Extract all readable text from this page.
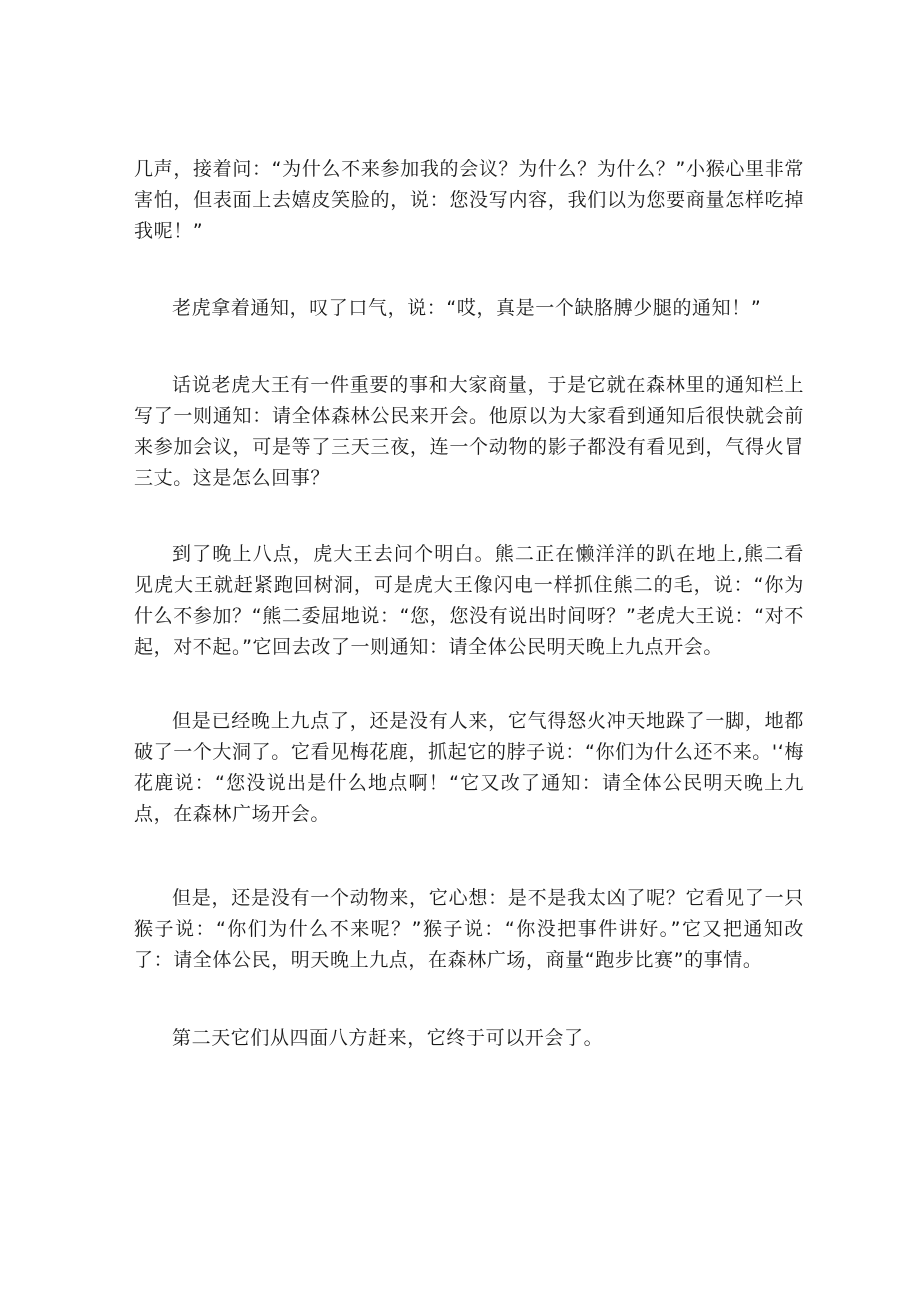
几声，接着问：“为什么不来参加我的会议？为什么？为什么？”小猴心里非常害怕，但表面上去嬉皮笑脸的，说：您没写内容，我们以为您要商量怎样吃掉我呢！”

老虎拿着通知，叹了口气，说：“哎，真是一个缺胳膊少腿的通知！”

话说老虎大王有一件重要的事和大家商量，于是它就在森林里的通知栏上写了一则通知：请全体森林公民来开会。他原以为大家看到通知后很快就会前来参加会议，可是等了三天三夜，连一个动物的影子都没有看见到，气得火冒三丈。这是怎么回事？

到了晚上八点，虎大王去问个明白。熊二正在懒洋洋的趴在地上,熊二看见虎大王就赶紧跑回树洞，可是虎大王像闪电一样抓住熊二的毛，说：“你为什么不参加？“熊二委屈地说：“您，您没有说出时间呀？”老虎大王说：“对不起，对不起。”它回去改了一则通知：请全体公民明天晚上九点开会。

但是已经晚上九点了，还是没有人来，它气得怒火冲天地跺了一脚，地都破了一个大洞了。它看见梅花鹿，抓起它的脖子说：“你们为什么还不来。'‘梅花鹿说：“您没说出是什么地点啊！“它又改了通知：请全体公民明天晚上九点，在森林广场开会。

但是，还是没有一个动物来，它心想：是不是我太凶了呢？它看见了一只猴子说：“你们为什么不来呢？”猴子说：“你没把事件讲好。”它又把通知改了：请全体公民，明天晚上九点，在森林广场，商量“跑步比赛”的事情。

第二天它们从四面八方赶来，它终于可以开会了。
